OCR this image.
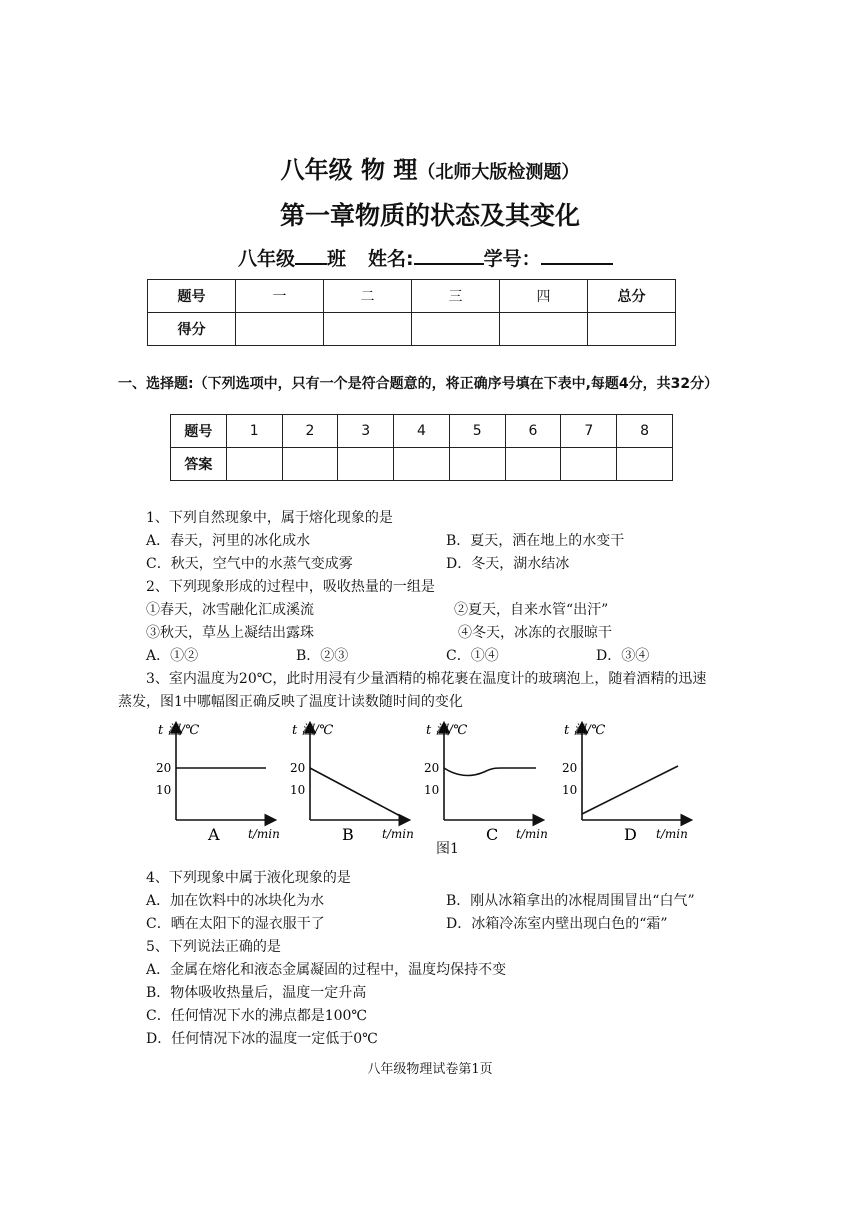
八年级 物 理（北师大版检测题）
第一章物质的状态及其变化
八年级 班 姓名:	学号：
题号	一	二	三	四	总分
得分					
一、选择题:（下列选项中，只有一个是符合题意的，将正确序号填在下表中,每题4分，共32分）
题号	1	2	3	4	5	6	7	8
答案								
1、下列自然现象中，属于熔化现象的是
A．春天，河里的冰化成水	B．夏天，洒在地上的水变干
C．秋天，空气中的水蒸气变成雾	D．冬天，湖水结冰
2、下列现象形成的过程中，吸收热量的一组是
①春天，冰雪融化汇成溪流	②夏天，自来水管“出汗”
③秋天，草丛上凝结出露珠	④冬天，冰冻的衣服晾干
A．①②	B．②③	C．①④	D．③④
3、室内温度为20℃，此时用浸有少量酒精的棉花裹在温度计的玻璃泡上，随着酒精的迅速
蒸发，图1中哪幅图正确反映了温度计读数随时间的变化
t 温/℃
20
10
A t/min
t 温/℃
20
10
B t/min
t 温/℃
20
10
C t/min
t 温/℃
20
10
D t/min
图1
4、下列现象中属于液化现象的是
A．加在饮料中的冰块化为水	B．刚从冰箱拿出的冰棍周围冒出“白气”
C．晒在太阳下的湿衣服干了	D．冰箱冷冻室内壁出现白色的“霜”
5、下列说法正确的是
A．金属在熔化和液态金属凝固的过程中，温度均保持不变
B．物体吸收热量后，温度一定升高
C．任何情况下水的沸点都是100℃
D．任何情况下冰的温度一定低于0℃
八年级物理试卷第1页
